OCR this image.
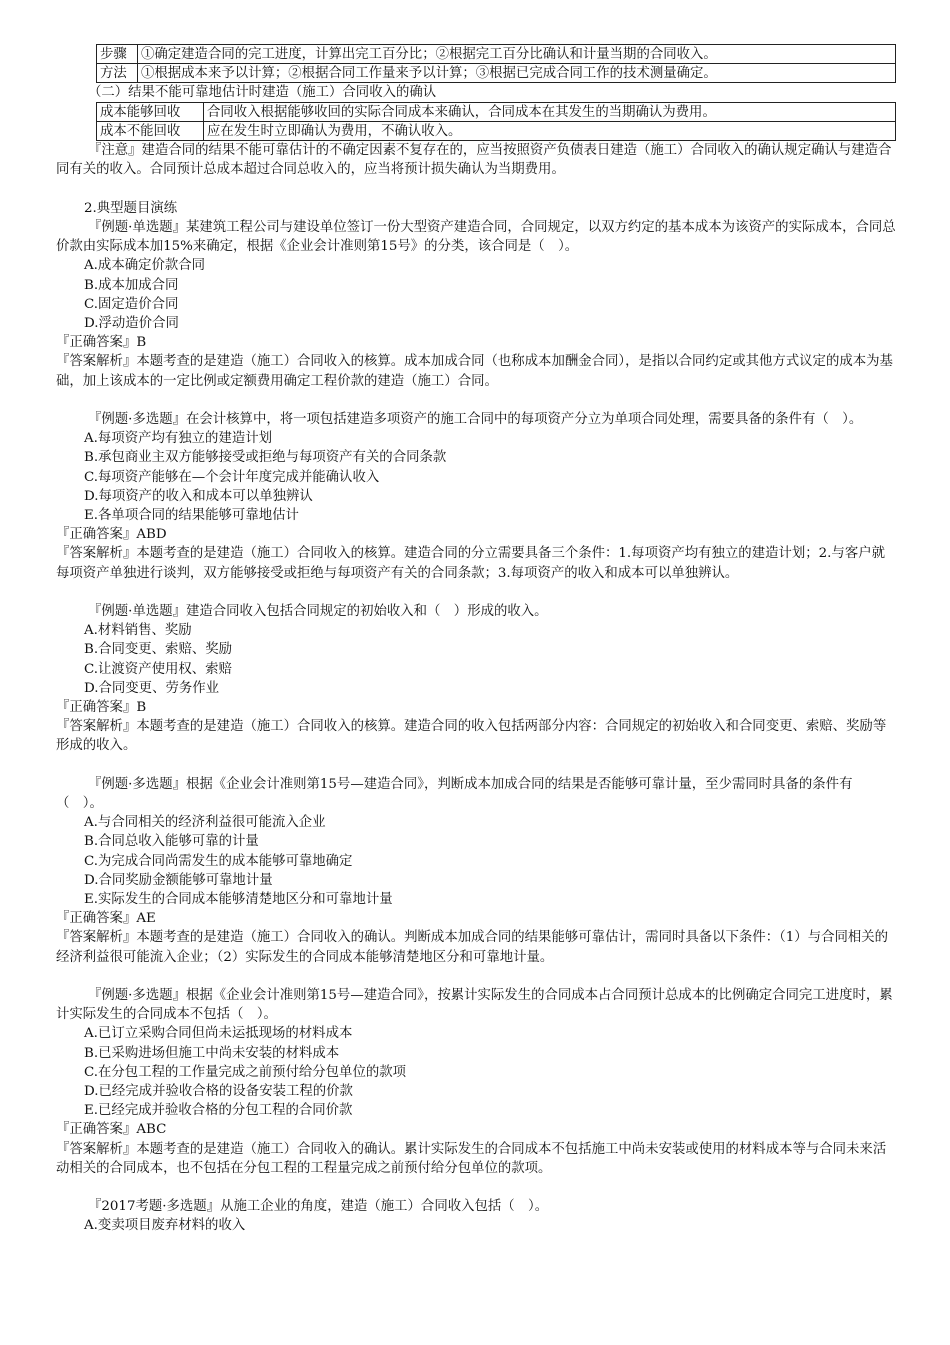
步骤	①确定建造合同的完工进度，计算出完工百分比；②根据完工百分比确认和计量当期的合同收入。
方法	①根据成本来予以计算；②根据合同工作量来予以计算；③根据已完成合同工作的技术测量确定。

（二）结果不能可靠地估计时建造（施工）合同收入的确认

成本能够回收	合同收入根据能够收回的实际合同成本来确认，合同成本在其发生的当期确认为费用。
成本不能回收	应在发生时立即确认为费用，不确认收入。

『注意』建造合同的结果不能可靠估计的不确定因素不复存在的，应当按照资产负债表日建造（施工）合同收入的确认规定确认与建造合同有关的收入。合同预计总成本超过合同总收入的，应当将预计损失确认为当期费用。

2.典型题目演练

『例题·单选题』某建筑工程公司与建设单位签订一份大型资产建造合同，合同规定，以双方约定的基本成本为该资产的实际成本，合同总价款由实际成本加15%来确定，根据《企业会计准则第15号》的分类，该合同是（　）。

A.成本确定价款合同

B.成本加成合同

C.固定造价合同

D.浮动造价合同

『正确答案』B

『答案解析』本题考查的是建造（施工）合同收入的核算。成本加成合同（也称成本加酬金合同），是指以合同约定或其他方式议定的成本为基础，加上该成本的一定比例或定额费用确定工程价款的建造（施工）合同。

『例题·多选题』在会计核算中，将一项包括建造多项资产的施工合同中的每项资产分立为单项合同处理，需要具备的条件有（　）。

A.每项资产均有独立的建造计划

B.承包商业主双方能够接受或拒绝与每项资产有关的合同条款

C.每项资产能够在—个会计年度完成并能确认收入

D.每项资产的收入和成本可以单独辨认

E.各单项合同的结果能够可靠地估计

『正确答案』ABD

『答案解析』本题考查的是建造（施工）合同收入的核算。建造合同的分立需要具备三个条件：1.每项资产均有独立的建造计划；2.与客户就每项资产单独进行谈判，双方能够接受或拒绝与每项资产有关的合同条款；3.每项资产的收入和成本可以单独辨认。

『例题·单选题』建造合同收入包括合同规定的初始收入和（　）形成的收入。

A.材料销售、奖励

B.合同变更、索赔、奖励

C.让渡资产使用权、索赔

D.合同变更、劳务作业

『正确答案』B

『答案解析』本题考查的是建造（施工）合同收入的核算。建造合同的收入包括两部分内容：合同规定的初始收入和合同变更、索赔、奖励等形成的收入。

『例题·多选题』根据《企业会计准则第15号—建造合同》，判断成本加成合同的结果是否能够可靠计量，至少需同时具备的条件有（　）。

A.与合同相关的经济利益很可能流入企业

B.合同总收入能够可靠的计量

C.为完成合同尚需发生的成本能够可靠地确定

D.合同奖励金额能够可靠地计量

E.实际发生的合同成本能够清楚地区分和可靠地计量

『正确答案』AE

『答案解析』本题考查的是建造（施工）合同收入的确认。判断成本加成合同的结果能够可靠估计，需同时具备以下条件：（1）与合同相关的经济利益很可能流入企业；（2）实际发生的合同成本能够清楚地区分和可靠地计量。

『例题·多选题』根据《企业会计准则第15号—建造合同》，按累计实际发生的合同成本占合同预计总成本的比例确定合同完工进度时，累计实际发生的合同成本不包括（　）。

A.已订立采购合同但尚未运抵现场的材料成本

B.已采购进场但施工中尚未安装的材料成本

C.在分包工程的工作量完成之前预付给分包单位的款项

D.已经完成并验收合格的设备安装工程的价款

E.已经完成并验收合格的分包工程的合同价款

『正确答案』ABC

『答案解析』本题考查的是建造（施工）合同收入的确认。累计实际发生的合同成本不包括施工中尚未安装或使用的材料成本等与合同未来活动相关的合同成本，也不包括在分包工程的工程量完成之前预付给分包单位的款项。

『2017考题·多选题』从施工企业的角度，建造（施工）合同收入包括（　）。

A.变卖项目废弃材料的收入
